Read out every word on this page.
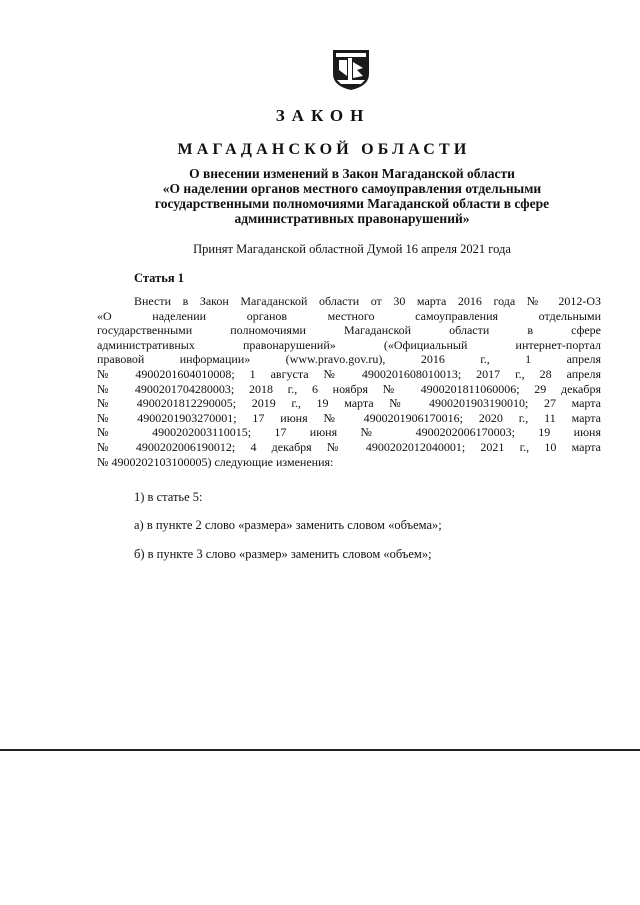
ЗАКОН
МАГАДАНСКОЙ ОБЛАСТИ
О внесении изменений в Закон Магаданской области
«О наделении органов местного самоуправления отдельными
государственными полномочиями Магаданской области в сфере
административных правонарушений»
Принят Магаданской областной Думой 16 апреля 2021 года
Статья 1
Внести в Закон Магаданской области от 30 марта 2016 года № 2012-ОЗ
«О наделении органов местного самоуправления отдельными
государственными полномочиями Магаданской области в сфере
административных правонарушений» («Официальный интернет-портал
правовой информации» (www.pravo.gov.ru), 2016 г., 1 апреля
№ 4900201604010008; 1 августа № 4900201608010013; 2017 г., 28 апреля
№ 4900201704280003; 2018 г., 6 ноября № 4900201811060006; 29 декабря
№ 4900201812290005; 2019 г., 19 марта № 4900201903190010; 27 марта
№ 4900201903270001; 17 июня № 4900201906170016; 2020 г., 11 марта
№ 4900202003110015; 17 июня № 4900202006170003; 19 июня
№ 4900202006190012; 4 декабря № 4900202012040001; 2021 г., 10 марта
№ 4900202103100005) следующие изменения:
1) в статье 5:
а) в пункте 2 слово «размера» заменить словом «объема»;
б) в пункте 3 слово «размер» заменить словом «объем»;
